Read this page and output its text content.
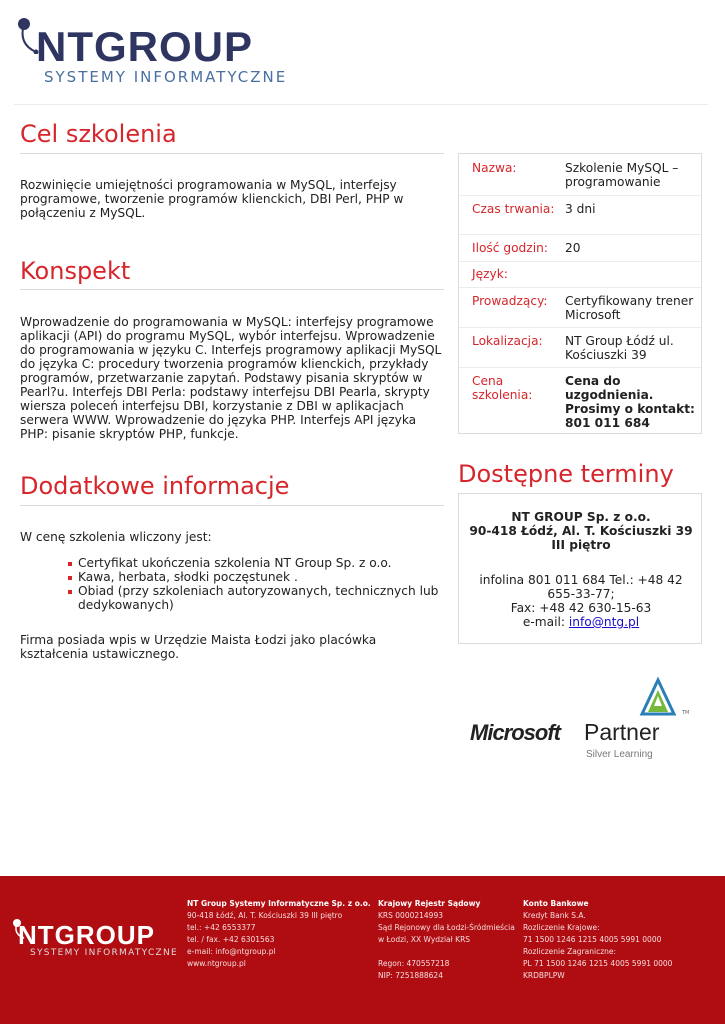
NTGROUP
SYSTEMY INFORMATYCZNE
Cel szkolenia

Rozwinięcie umiejętności programowania w MySQL, interfejsy programowe, tworzenie programów klienckich, DBI Perl, PHP w połączeniu z MySQL.

Konspekt

Wprowadzenie do programowania w MySQL: interfejsy programowe aplikacji (API) do programu MySQL, wybór interfejsu. Wprowadzenie do programowania w języku C. Interfejs programowy aplikacji MySQL do języka C: procedury tworzenia programów klienckich, przykłady programów, przetwarzanie zapytań. Podstawy pisania skryptów w Pearl?u. Interfejs DBI Perla: podstawy interfejsu DBI Pearla, skrypty wiersza poleceń interfejsu DBI, korzystanie z DBI w aplikacjach serwera WWW. Wprowadzenie do języka PHP. Interfejs API języka PHP: pisanie skryptów PHP, funkcje.

Dodatkowe informacje

W cenę szkolenia wliczony jest:

Certyfikat ukończenia szkolenia NT Group Sp. z o.o.
Kawa, herbata, słodki poczęstunek .
Obiad (przy szkoleniach autoryzowanych, technicznych lub dedykowanych)

Firma posiada wpis w Urzędzie Maista Łodzi jako placówka kształcenia ustawicznego.

Nazwa:	Szkolenie MySQL – programowanie
Czas trwania: 3 dni
Ilość godzin:	20
Język:
Prowadzący:	Certyfikowany trener Microsoft
Lokalizacja:	NT Group Łódź ul. Kościuszki 39
Cena szkolenia:
Cena do uzgodnienia. Prosimy o kontakt: 801 011 684
Dostępne terminy
NT GROUP Sp. z o.o.
90-418 Łódź, Al. T. Kościuszki 39
III piętro
infolina 801 011 684 Tel.: +48 42 655-33-77;
Fax: +48 42 630-15-63
e-mail: info@ntg.pl
TM
Microsoft Partner
Silver Learning
NTGROUP
SYSTEMY INFORMATYCZNE
NT Group Systemy Informatyczne Sp. z o.o.
90-418 Łódź, Al. T. Kościuszki 39 III piętro
tel.: +42 6553377
tel. / fax. +42 6301563
e-mail: info@ntgroup.pl
www.ntgroup.pl
Krajowy Rejestr Sądowy
KRS 0000214993
Sąd Rejonowy dla Łodzi-Śródmieścia
w Łodzi, XX Wydział KRS
Regon: 470557218
NIP: 7251888624
Konto Bankowe
Kredyt Bank S.A.
Rozliczenie Krajowe:
71 1500 1246 1215 4005 5991 0000
Rozliczenie Zagraniczne:
PL 71 1500 1246 1215 4005 5991 0000
KRDBPLPW
